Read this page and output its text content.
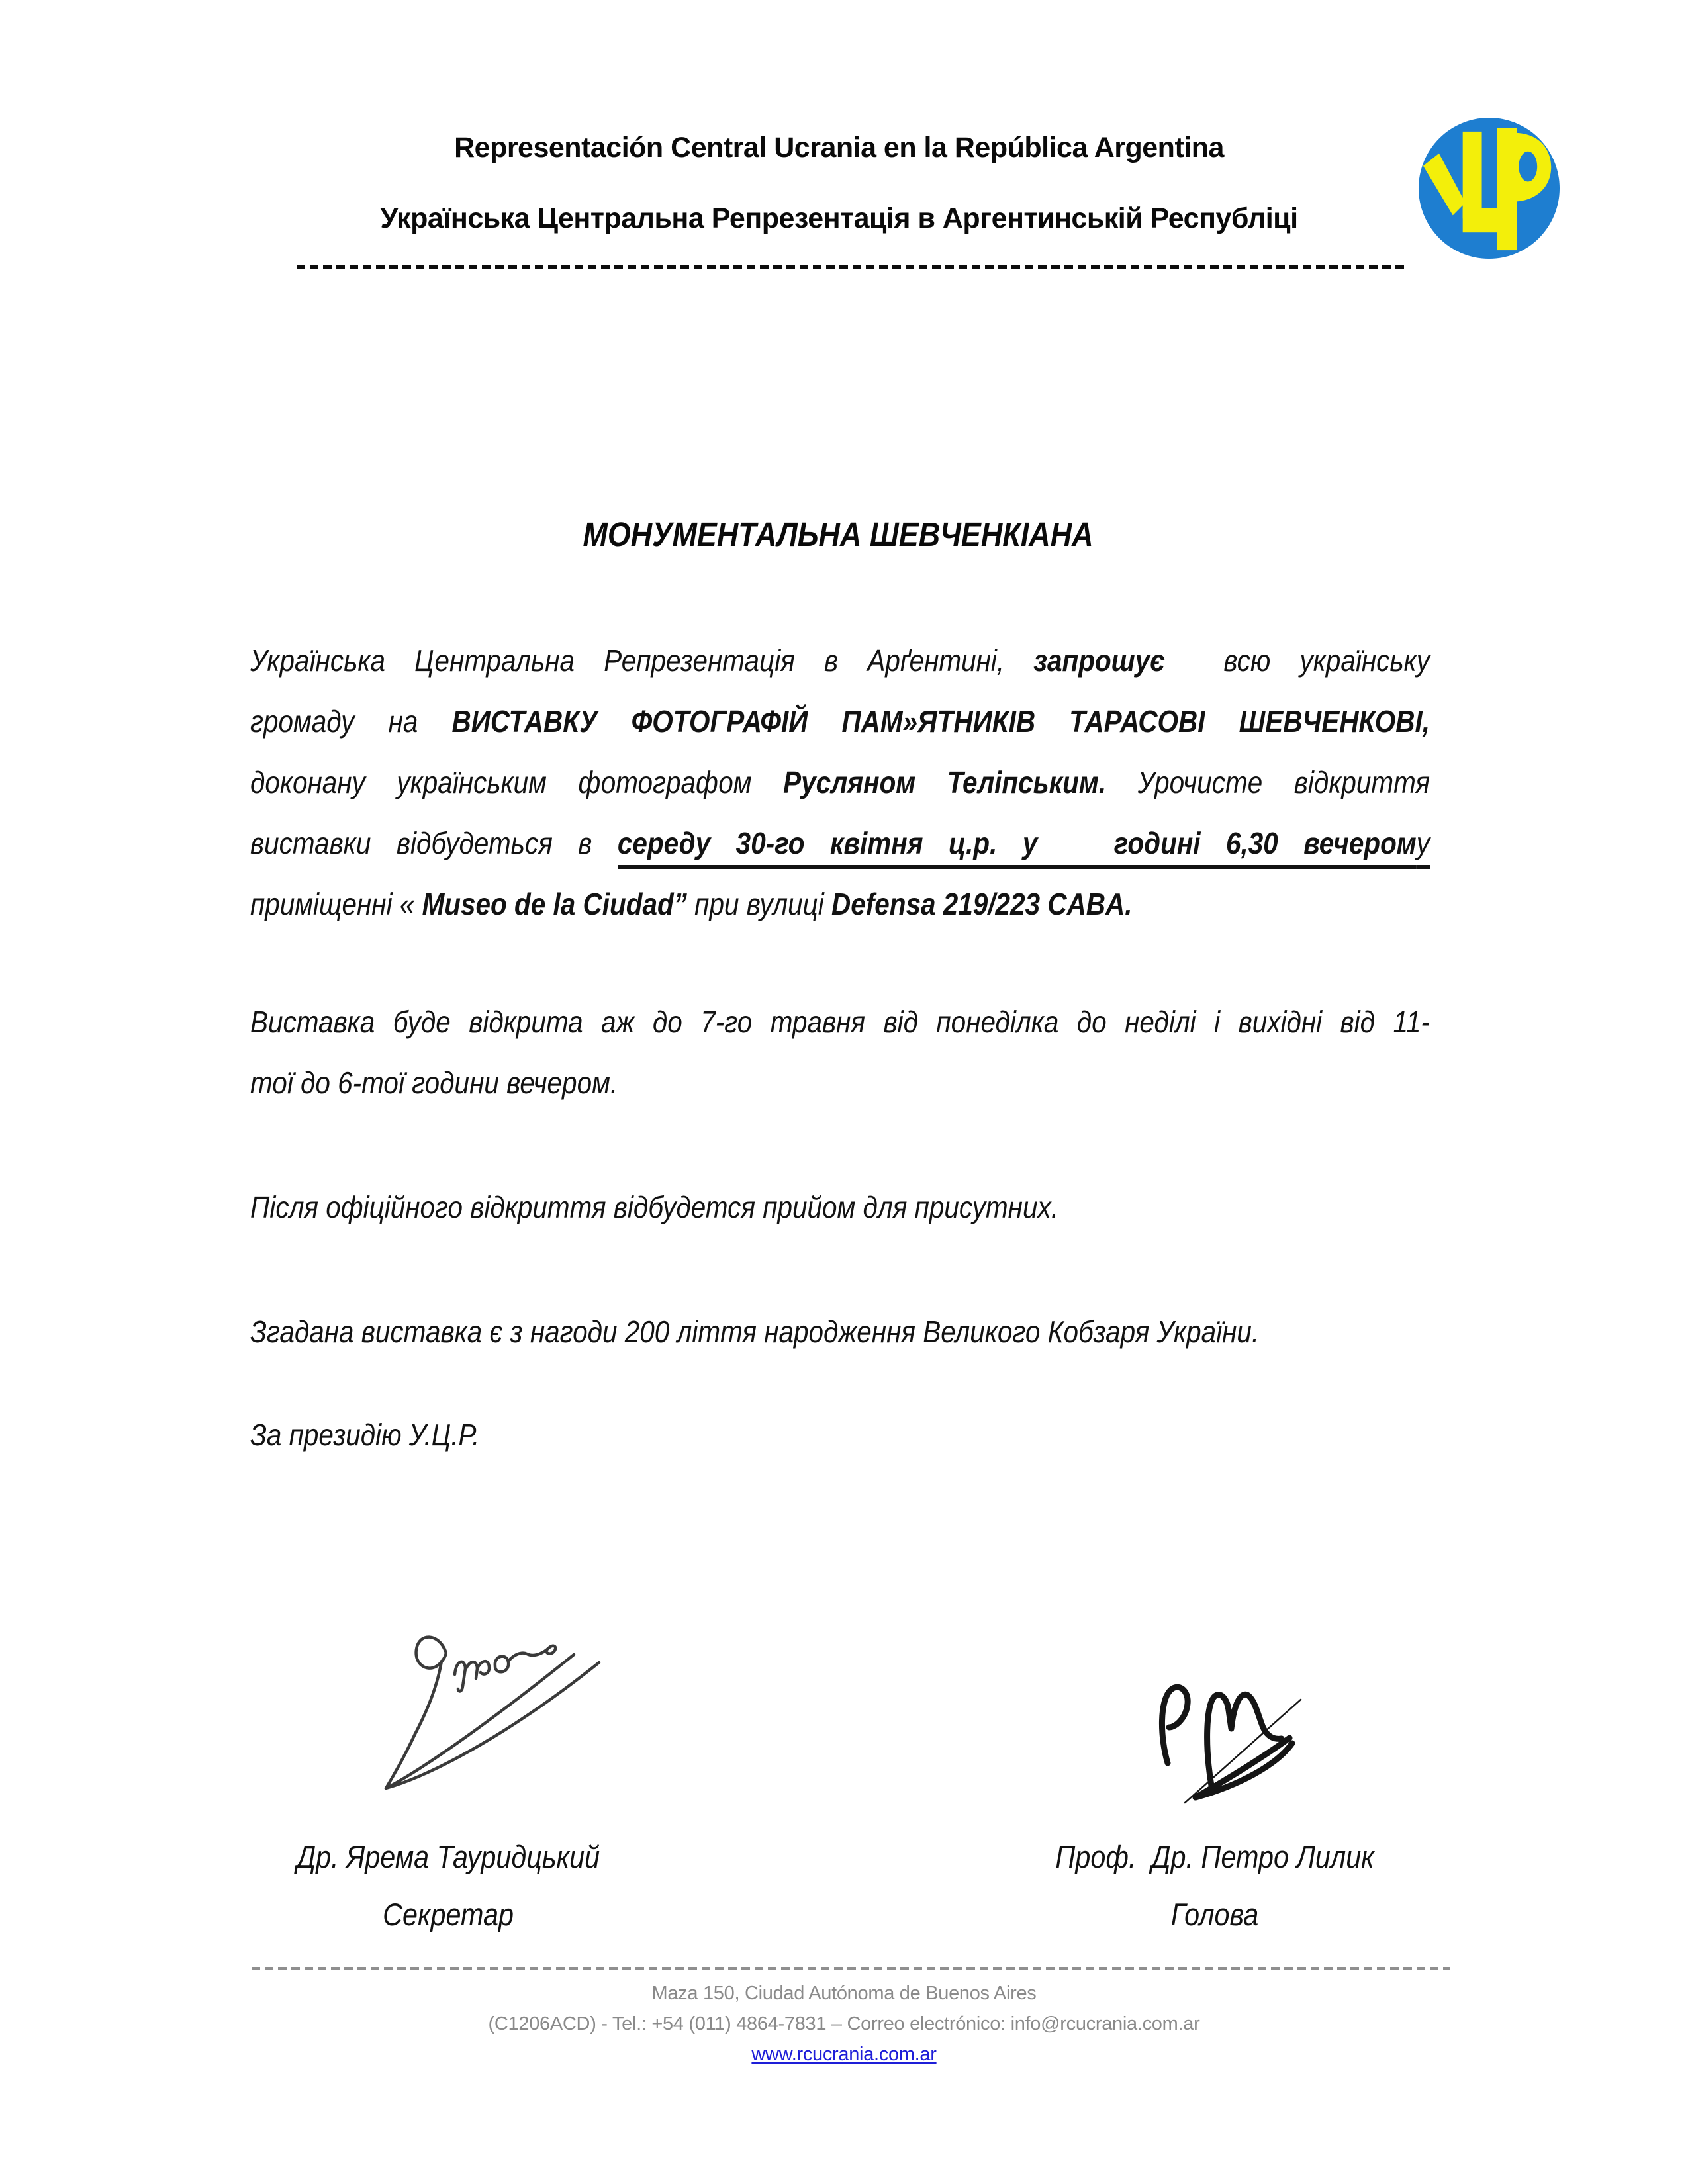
Representación Central Ucrania en la República Argentina
Українська Центральна Репрезентація в Аргентинській Республіці
МОНУМЕНТАЛЬНА ШЕВЧЕНКІАНА
Українська Центральна Репрезентація в Арґентині, запрошує  всю українську
громаду на ВИСТАВКУ ФОТОГРАФІЙ ПАМ»ЯТНИКІВ ТАРАСОВІ ШЕВЧЕНКОВІ,
доконану українським фотографом Русляном Теліпським. Урочисте відкриття
виставки відбудеться в середу 30-го квітня ц.р. у   годині 6,30 вечерому
приміщенні « Museo de la Ciudad” при вулиці Defensa 219/223 CABA.
Виставка буде відкрита аж до 7-го травня від понеділка до неділі і вихідні від 11-
тої до 6-тої години вечером.
Після офіційного відкриття відбудется прийом для присутних.
Згадана виставка є з нагоди 200 ліття народження Великого Кобзаря України.
За президію У.Ц.Р.
Др. Ярема Тауридцький
Секретар
Проф.  Др. Петро Лилик
Голова
Maza 150, Ciudad Autónoma de Buenos Aires
(C1206ACD) - Tel.: +54 (011) 4864-7831 – Correo electrónico: info@rcucrania.com.ar
www.rcucrania.com.ar
